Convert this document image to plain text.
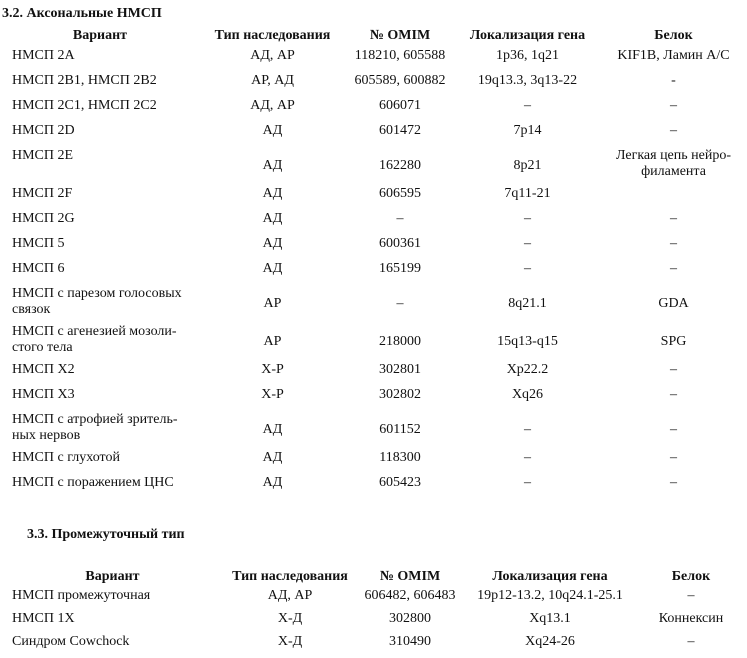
3.2. Аксональные НМСП
Вариант	Тип наследования	№ OMIM	Локализация гена	Белок
НМСП 2А	АД, АР	118210, 605588	1p36, 1q21	KIF1B, Ламин А/С
НМСП 2В1, НМСП 2В2	АР, АД	605589, 600882	19q13.3, 3q13-22	-
НМСП 2С1, НМСП 2С2	АД, АР	606071	–	–
НМСП 2D	АД	601472	7p14	–
НМСП 2E	АД	162280	8p21	Легкая цепь нейро-филамента
НМСП 2F	АД	606595	7q11-21	
НМСП 2G	АД	–	–	–
НМСП 5	АД	600361	–	–
НМСП 6	АД	165199	–	–
НМСП с парезом голосовых связок	АР	–	8q21.1	GDA
НМСП с агенезией мозоли-стого тела	АР	218000	15q13-q15	SPG
НМСП Х2	Х-Р	302801	Xp22.2	–
НМСП Х3	Х-Р	302802	Xq26	–
НМСП с атрофией зритель-ных нервов	АД	601152	–	–
НМСП с глухотой	АД	118300	–	–
НМСП с поражением ЦНС	АД	605423	–	–
3.3. Промежуточный тип
Вариант	Тип наследования	№ OMIM	Локализация гена	Белок
НМСП промежуточная	АД, АР	606482, 606483	19p12-13.2, 10q24.1-25.1	–
НМСП 1Х	Х-Д	302800	Xq13.1	Коннексин
Синдром Cowchock	Х-Д	310490	Xq24-26	–
